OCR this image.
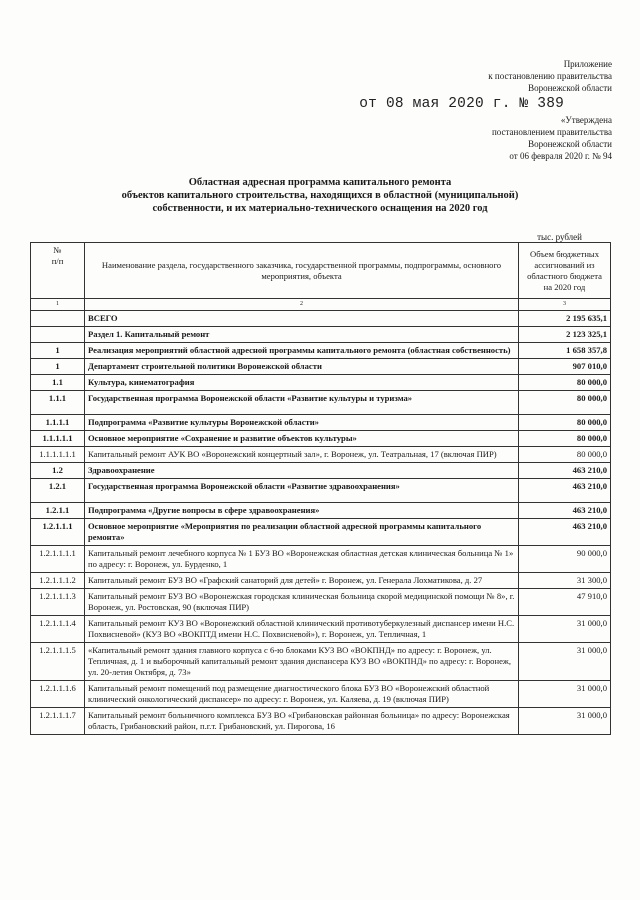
Приложение
к постановлению правительства
Воронежской области
от 08 мая 2020 г. № 389
«Утверждена
постановлением правительства
Воронежской области
от 06 февраля 2020 г. № 94
Областная адресная программа капитального ремонта
объектов капитального строительства, находящихся в областной (муниципальной)
собственности, и их материально-технического оснащения на 2020 год
тыс. рублей
№
п/п	Наименование раздела, государственного заказчика, государственной программы, подпрограммы, основного мероприятия, объекта	Объем бюджетных ассигнований из областного бюджета на 2020 год
1	2	3
	ВСЕГО	2 195 635,1
	Раздел 1. Капитальный ремонт	2 123 325,1
1	Реализация мероприятий областной адресной программы капитального ремонта (областная собственность)	1 658 357,8
1	Департамент строительной политики Воронежской области	907 010,0
1.1	Культура, кинематография	80 000,0
1.1.1	Государственная программа Воронежской области «Развитие культуры и туризма»	80 000,0
1.1.1.1	Подпрограмма «Развитие культуры Воронежской области»	80 000,0
1.1.1.1.1	Основное мероприятие «Сохранение и развитие объектов культуры»	80 000,0
1.1.1.1.1.1	Капитальный ремонт АУК ВО «Воронежский концертный зал», г. Воронеж, ул. Театральная, 17 (включая ПИР)	80 000,0
1.2	Здравоохранение	463 210,0
1.2.1	Государственная программа Воронежской области «Развитие здравоохранения»	463 210,0
1.2.1.1	Подпрограмма «Другие вопросы в сфере здравоохранения»	463 210,0
1.2.1.1.1	Основное мероприятие «Мероприятия по реализации областной адресной программы капитального ремонта»	463 210,0
1.2.1.1.1.1	Капитальный ремонт лечебного корпуса № 1 БУЗ ВО «Воронежская областная детская клиническая больница № 1» по адресу: г. Воронеж, ул. Бурденко, 1	90 000,0
1.2.1.1.1.2	Капитальный ремонт БУЗ ВО «Графский санаторий для детей» г. Воронеж, ул. Генерала Лохматикова, д. 27	31 300,0
1.2.1.1.1.3	Капитальный ремонт БУЗ ВО «Воронежская городская клиническая больница скорой медицинской помощи № 8», г. Воронеж, ул. Ростовская, 90 (включая ПИР)	47 910,0
1.2.1.1.1.4	Капитальный ремонт КУЗ ВО «Воронежский областной клинический противотуберкулезный диспансер имени Н.С. Похвисневой» (КУЗ ВО «ВОКПТД имени Н.С. Похвисневой»), г. Воронеж, ул. Тепличная, 1	31 000,0
1.2.1.1.1.5	«Капитальный ремонт здания главного корпуса с 6-ю блоками КУЗ ВО «ВОКПНД» по адресу: г. Воронеж, ул. Тепличная, д. 1 и выборочный капитальный ремонт здания диспансера КУЗ ВО «ВОКПНД» по адресу: г. Воронеж, ул. 20-летия Октября, д. 73»	31 000,0
1.2.1.1.1.6	Капитальный ремонт помещений под размещение диагностического блока БУЗ ВО «Воронежский областной клинический онкологический диспансер» по адресу: г. Воронеж, ул. Каляева, д. 19 (включая ПИР)	31 000,0
1.2.1.1.1.7	Капитальный ремонт больничного комплекса БУЗ ВО «Грибановская районная больница» по адресу: Воронежская область, Грибановский район, п.г.т. Грибановский, ул. Пирогова, 16	31 000,0
